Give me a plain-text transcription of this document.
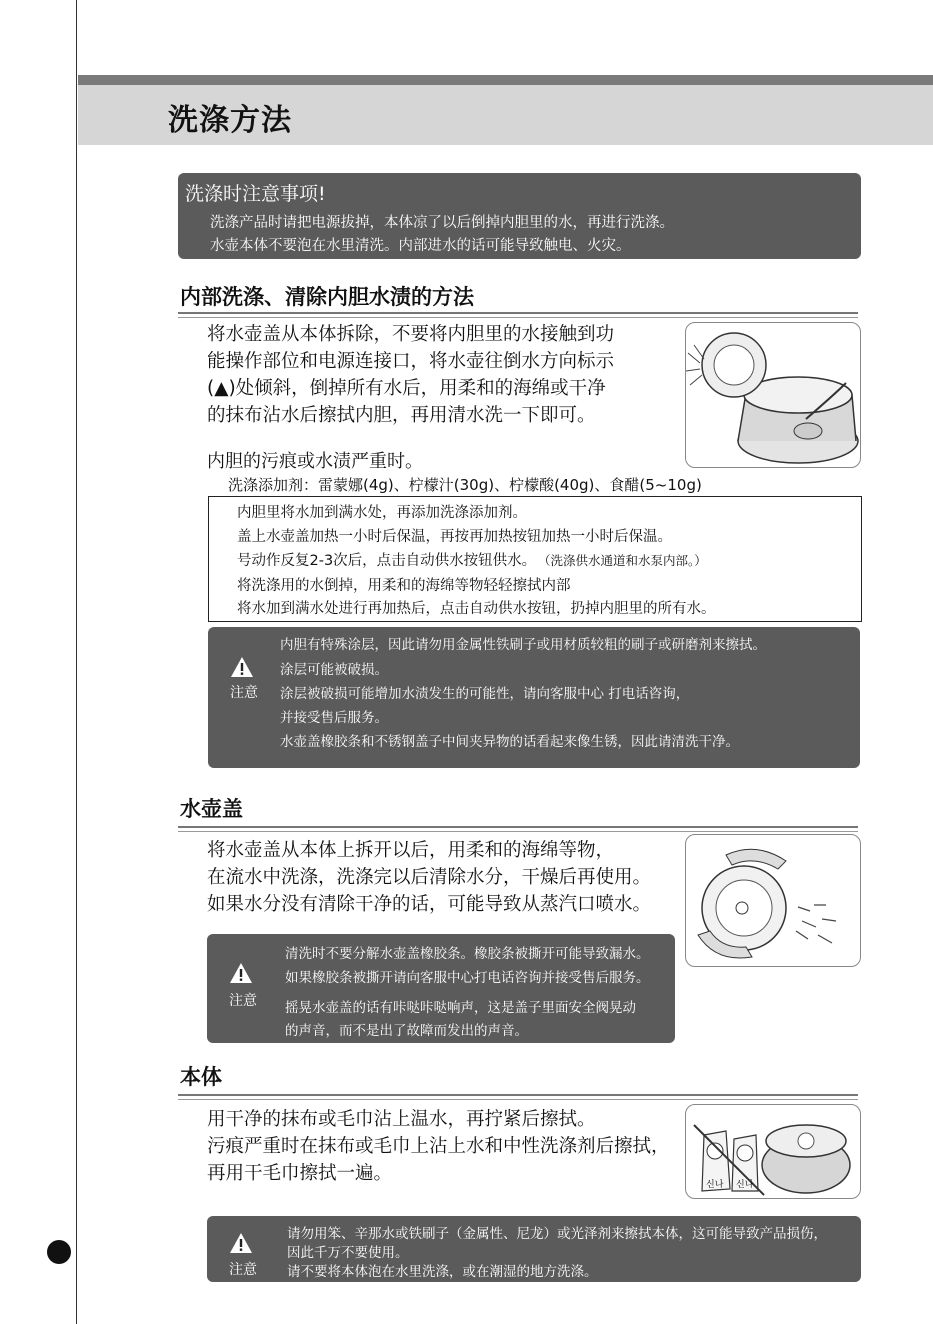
洗涤方法
洗涤时注意事项!
洗涤产品时请把电源拔掉，本体凉了以后倒掉内胆里的水，再进行洗涤。
水壶本体不要泡在水里清洗。内部进水的话可能导致触电、火灾。
内部洗涤、清除内胆水渍的方法
将水壶盖从本体拆除，不要将内胆里的水接触到功
能操作部位和电源连接口，将水壶往倒水方向标示
(▲)处倾斜，倒掉所有水后，用柔和的海绵或干净
的抹布沾水后擦拭内胆，再用清水洗一下即可。
内胆的污痕或水渍严重时。
洗涤添加剂：雷蒙娜(4g)、柠檬汁(30g)、柠檬酸(40g)、食醋(5~10g)
内胆里将水加到满水处，再添加洗涤添加剂。
盖上水壶盖加热一小时后保温，再按再加热按钮加热一小时后保温。
号动作反复2-3次后，点击自动供水按钮供水。 （洗涤供水通道和水泵内部。）
将洗涤用的水倒掉，用柔和的海绵等物轻轻擦拭内部
将水加到满水处进行再加热后，点击自动供水按钮，扔掉内胆里的所有水。
注意
内胆有特殊涂层，因此请勿用金属性铁刷子或用材质较粗的刷子或研磨剂来擦拭。
涂层可能被破损。
涂层被破损可能增加水渍发生的可能性，请向客服中心 打电话咨询，
并接受售后服务。
水壶盖橡胶条和不锈钢盖子中间夹异物的话看起来像生锈，因此请清洗干净。
水壶盖
将水壶盖从本体上拆开以后，用柔和的海绵等物，
在流水中洗涤，洗涤完以后清除水分，干燥后再使用。
如果水分没有清除干净的话，可能导致从蒸汽口喷水。
注意
清洗时不要分解水壶盖橡胶条。橡胶条被撕开可能导致漏水。
如果橡胶条被撕开请向客服中心打电话咨询并接受售后服务。
摇晃水壶盖的话有咔哒咔哒响声，这是盖子里面安全阀晃动
的声音，而不是出了故障而发出的声音。
本体
用干净的抹布或毛巾沾上温水，再拧紧后擦拭。
污痕严重时在抹布或毛巾上沾上水和中性洗涤剂后擦拭，
再用干毛巾擦拭一遍。
신나 신나
注意
请勿用笨、辛那水或铁刷子（金属性、尼龙）或光泽剂来擦拭本体，这可能导致产品损伤，
因此千万不要使用。
请不要将本体泡在水里洗涤，或在潮湿的地方洗涤。
